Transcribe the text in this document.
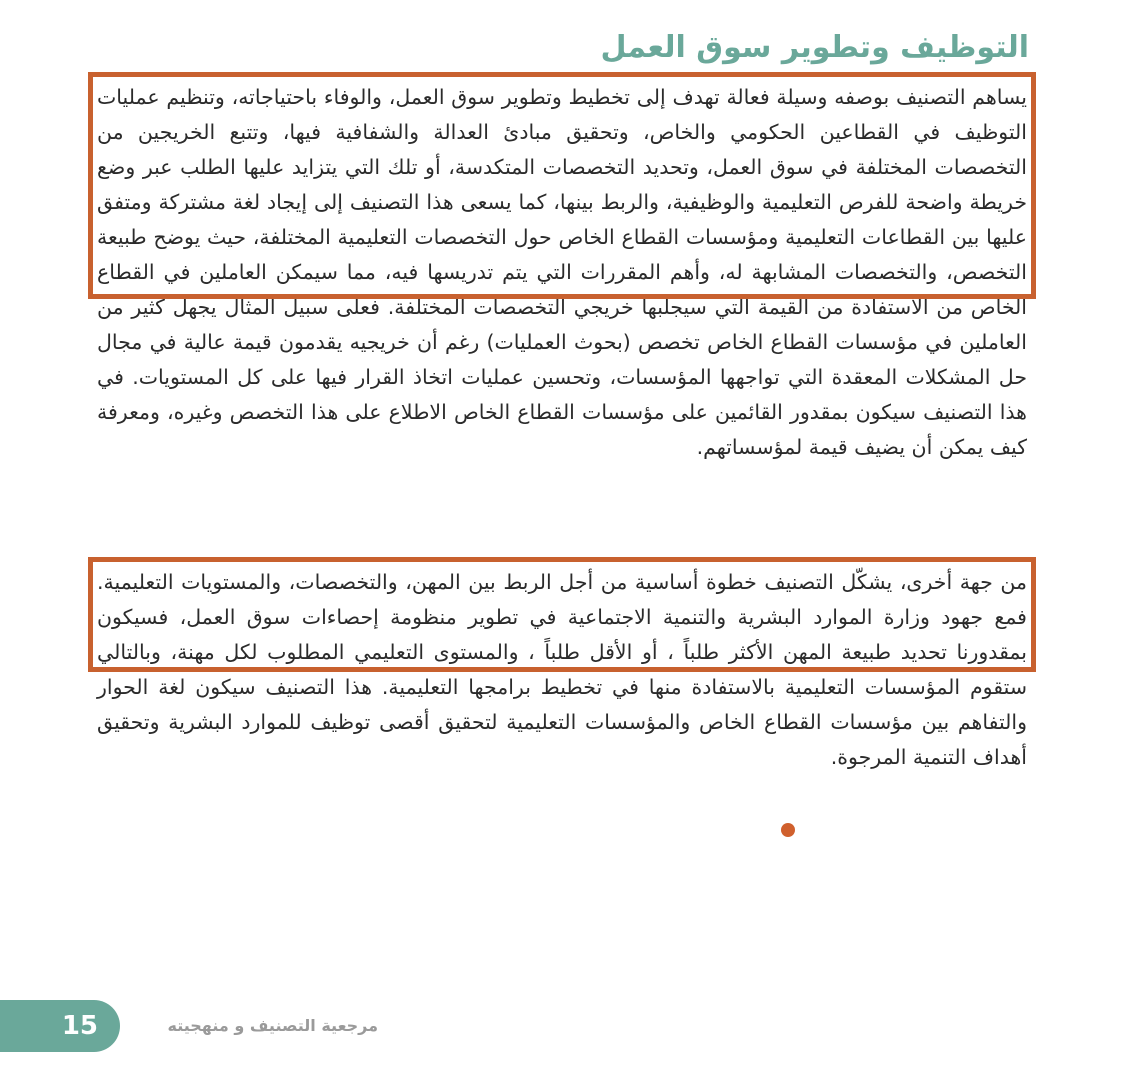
التوظيف وتطوير سوق العمل

يساهم التصنيف بوصفه وسيلة فعالة تهدف إلى تخطيط وتطوير سوق العمل، والوفاء باحتياجاته، وتنظيم عمليات التوظيف في القطاعين الحكومي والخاص، وتحقيق مبادئ العدالة والشفافية فيها، وتتبع الخريجين من التخصصات المختلفة في سوق العمل، وتحديد التخصصات المتكدسة، أو تلك التي يتزايد عليها الطلب عبر وضع خريطة واضحة للفرص التعليمية والوظيفية، والربط بينها، كما يسعى هذا التصنيف إلى إيجاد لغة مشتركة ومتفق عليها بين القطاعات التعليمية ومؤسسات القطاع الخاص حول التخصصات التعليمية المختلفة، حيث يوضح طبيعة التخصص، والتخصصات المشابهة له، وأهم المقررات التي يتم تدريسها فيه، مما سيمكن العاملين في القطاع الخاص من الاستفادة من القيمة التي سيجلبها خريجي التخصصات المختلفة. فعلى سبيل المثال يجهل كثير من العاملين في مؤسسات القطاع الخاص تخصص (بحوث العمليات) رغم أن خريجيه يقدمون قيمة عالية في مجال حل المشكلات المعقدة التي تواجهها المؤسسات، وتحسين عمليات اتخاذ القرار فيها على كل المستويات. في هذا التصنيف سيكون بمقدور القائمين على مؤسسات القطاع الخاص الاطلاع على هذا التخصص وغيره، ومعرفة كيف يمكن أن يضيف قيمة لمؤسساتهم.

من جهة أخرى، يشكّل التصنيف خطوة أساسية من أجل الربط بين المهن، والتخصصات، والمستويات التعليمية. فمع جهود وزارة الموارد البشرية والتنمية الاجتماعية في تطوير منظومة إحصاءات سوق العمل، فسيكون بمقدورنا تحديد طبيعة المهن الأكثر طلباً ، أو الأقل طلباً ، والمستوى التعليمي المطلوب لكل مهنة، وبالتالي ستقوم المؤسسات التعليمية بالاستفادة منها في تخطيط برامجها التعليمية. هذا التصنيف سيكون لغة الحوار والتفاهم بين مؤسسات القطاع الخاص والمؤسسات التعليمية لتحقيق أقصى توظيف للموارد البشرية وتحقيق أهداف التنمية المرجوة.

15	مرجعية التصنيف و منهجيته
